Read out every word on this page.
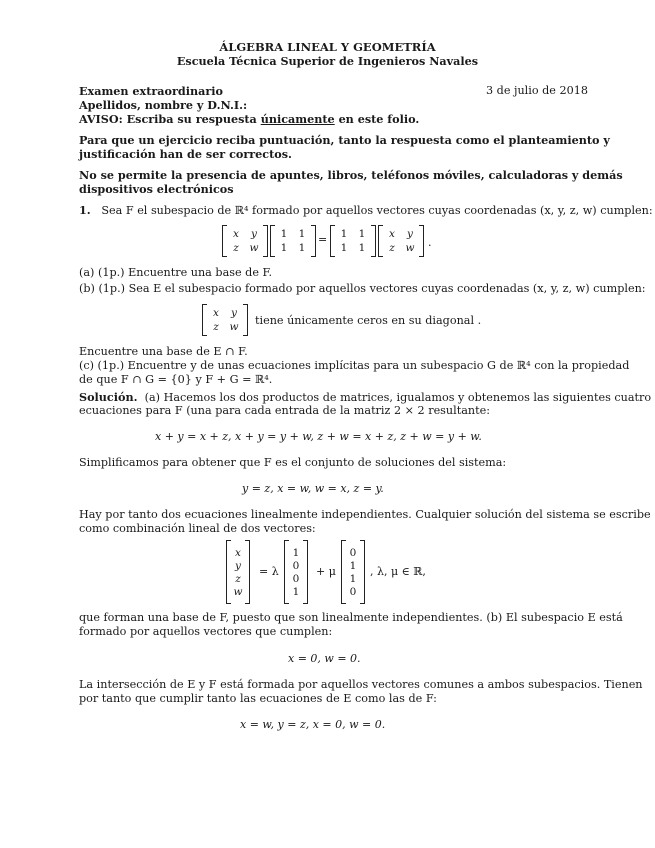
ÁLGEBRA LINEAL Y GEOMETRÍA
Escuela Técnica Superior de Ingenieros Navales
Examen extraordinario	3 de julio de 2018
Apellidos, nombre y D.N.I.:
AVISO: Escriba su respuesta únicamente en este folio.
Para que un ejercicio reciba puntuación, tanto la respuesta como el planteamiento y
justificación han de ser correctos.
No se permite la presencia de apuntes, libros, teléfonos móviles, calculadoras y demás
dispositivos electrónicos
1. Sea F el subespacio de ℝ⁴ formado por aquellos vectores cuyas coordenadas (x, y, z, w) cumplen:
x	y
z	w
1	1
1	1
=	1	1
1	1
x	y
z	w	.
(a) (1p.) Encuentre una base de F.
(b) (1p.) Sea E el subespacio formado por aquellos vectores cuyas coordenadas (x, y, z, w) cumplen:
x	y
z	w	tiene únicamente ceros en su diagonal .
Encuentre una base de E ∩ F.
(c) (1p.) Encuentre y de unas ecuaciones implícitas para un subespacio G de ℝ⁴ con la propiedad
de que F ∩ G = {0} y F + G = ℝ⁴.
Solución. (a) Hacemos los dos productos de matrices, igualamos y obtenemos las siguientes cuatro
ecuaciones para F (una para cada entrada de la matriz 2 × 2 resultante:
x + y = x + z, x + y = y + w, z + w = x + z, z + w = y + w.
Simplificamos para obtener que F es el conjunto de soluciones del sistema:
y = z, x = w, w = x, z = y.
Hay por tanto dos ecuaciones linealmente independientes. Cualquier solución del sistema se escribe
como combinación lineal de dos vectores:
x
y
z
w
= λ
1
0
0
1
+ μ
0
1
1
0
, λ, μ ∈ ℝ,
que forman una base de F, puesto que son linealmente independientes. (b) El subespacio E está
formado por aquellos vectores que cumplen:
x = 0, w = 0.
La intersección de E y F está formada por aquellos vectores comunes a ambos subespacios. Tienen
por tanto que cumplir tanto las ecuaciones de E como las de F:
x = w, y = z, x = 0, w = 0.
